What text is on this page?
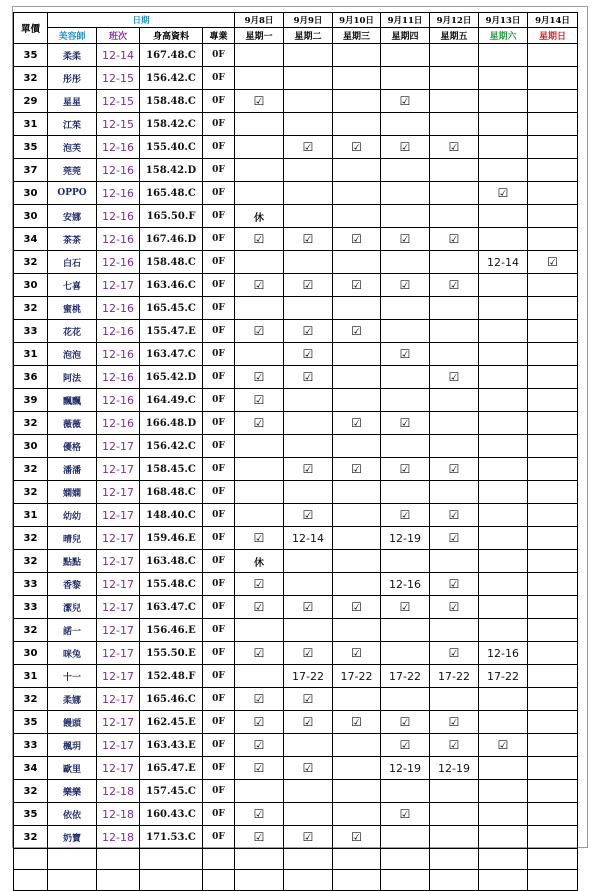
單價	日期				9月8日	9月9日	9月10日	9月11日	9月12日	9月13日	9月14日
	美容師	班次	身高資料	專業	星期一	星期二	星期三	星期四	星期五	星期六	星期日
35	柔柔	12-14	167.48.C	0F							
32	彤彤	12-15	156.42.C	0F							
29	星星	12-15	158.48.C	0F	☑			☑			
31	江茱	12-15	158.42.C	0F							
35	泡芙	12-16	155.40.C	0F		☑	☑	☑	☑		
37	莞莞	12-16	158.42.D	0F							
30	OPPO	12-16	165.48.C	0F						☑	
30	安娜	12-16	165.50.F	0F	休						
34	茶茶	12-16	167.46.D	0F	☑	☑	☑	☑	☑		
32	白石	12-16	158.48.C	0F						12-14	☑
30	七喜	12-17	163.46.C	0F	☑	☑	☑	☑	☑		
32	蜜桃	12-16	165.45.C	0F							
33	花花	12-16	155.47.E	0F	☑	☑	☑				
31	泡泡	12-16	163.47.C	0F		☑		☑			
36	阿法	12-16	165.42.D	0F	☑	☑			☑		
39	飄飄	12-16	164.49.C	0F	☑						
32	薇薇	12-16	166.48.D	0F	☑		☑	☑			
30	優格	12-17	156.42.C	0F							
32	潘潘	12-17	158.45.C	0F		☑	☑	☑	☑		
32	嫻嫻	12-17	168.48.C	0F							
31	幼幼	12-17	148.40.C	0F		☑		☑	☑		
32	晴兒	12-17	159.46.E	0F	☑	12-14		12-19	☑		
32	點點	12-17	163.48.C	0F	休						
33	香黎	12-17	155.48.C	0F	☑			12-16	☑		
33	潔兒	12-17	163.47.C	0F	☑	☑	☑	☑	☑		
32	諾一	12-17	156.46.E	0F							
30	咪兔	12-17	155.50.E	0F	☑	☑	☑		☑	12-16	
31	十一	12-17	152.48.F	0F		17-22	17-22	17-22	17-22	17-22	
32	柔娜	12-17	165.46.C	0F	☑	☑					
35	饅頭	12-17	162.45.E	0F	☑	☑	☑	☑	☑		
33	楓玥	12-17	163.43.E	0F	☑			☑	☑	☑	
34	歐里	12-17	165.47.E	0F	☑	☑		12-19	12-19		
32	樂樂	12-18	157.45.C	0F							
35	依依	12-18	160.43.C	0F	☑			☑			
32	奶寶	12-18	171.53.C	0F	☑	☑	☑				
